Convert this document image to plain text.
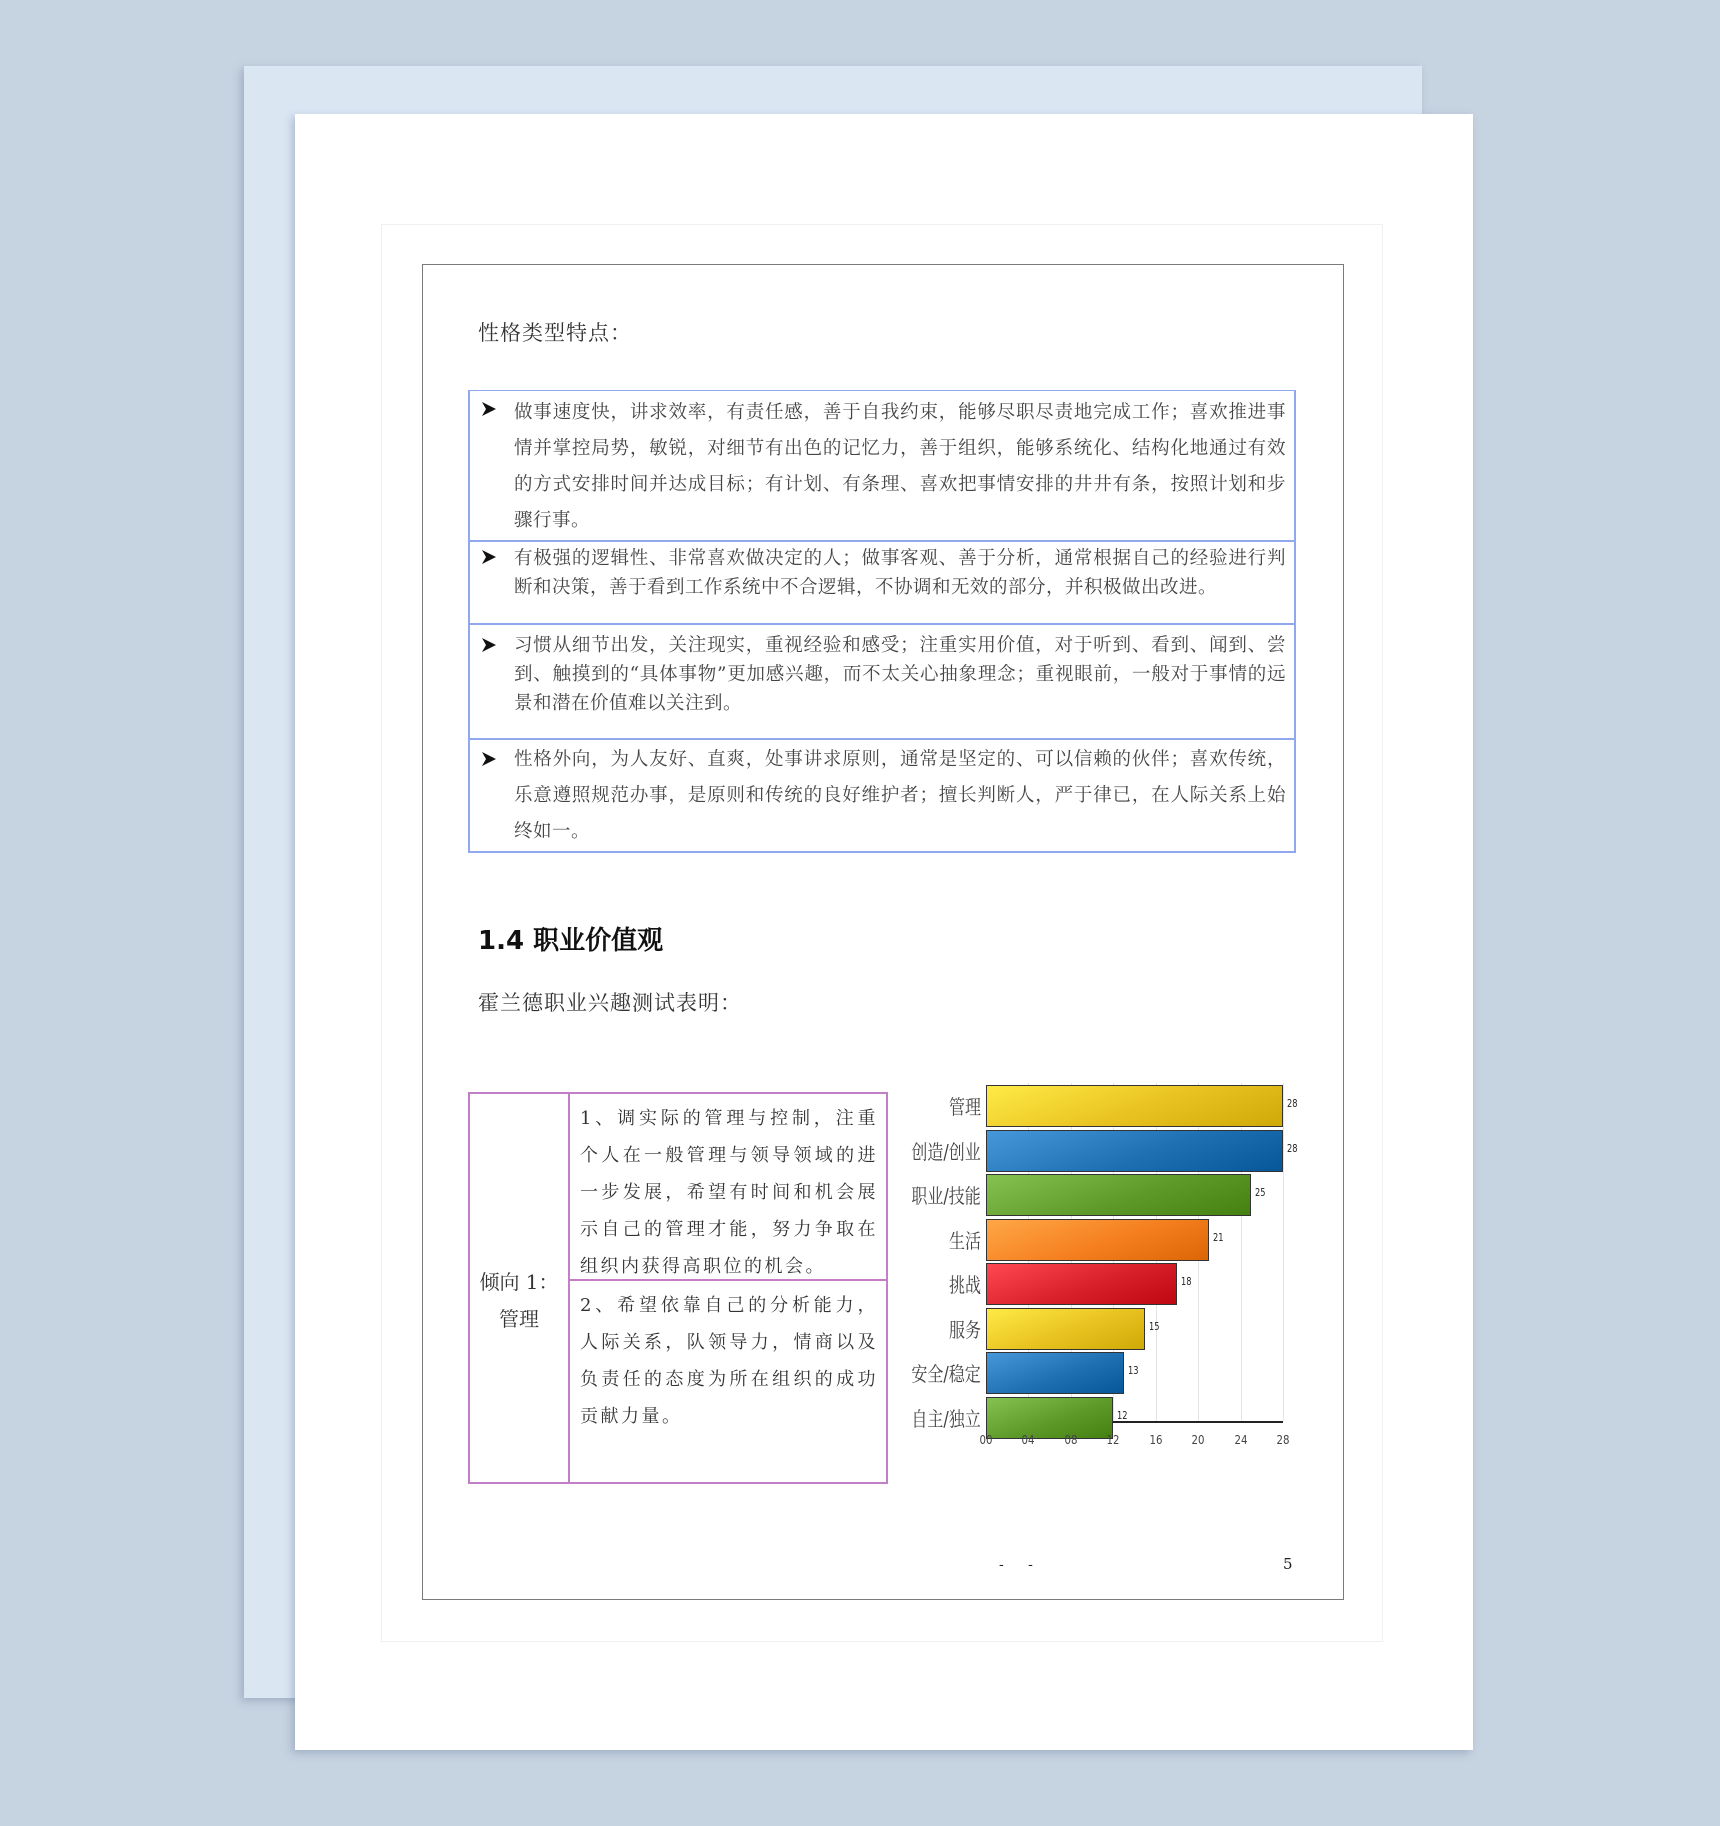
性格类型特点：
做事速度快，讲求效率，有责任感，善于自我约束，能够尽职尽责地完成工作；喜欢推进事情并掌控局势，敏锐，对细节有出色的记忆力，善于组织，能够系统化、结构化地通过有效的方式安排时间并达成目标；有计划、有条理、喜欢把事情安排的井井有条，按照计划和步骤行事。
有极强的逻辑性、非常喜欢做决定的人；做事客观、善于分析，通常根据自己的经验进行判断和决策，善于看到工作系统中不合逻辑，不协调和无效的部分，并积极做出改进。
习惯从细节出发，关注现实，重视经验和感受；注重实用价值，对于听到、看到、闻到、尝到、触摸到的“具体事物”更加感兴趣，而不太关心抽象理念；重视眼前，一般对于事情的远景和潜在价值难以关注到。
性格外向，为人友好、直爽，处事讲求原则，通常是坚定的、可以信赖的伙伴；喜欢传统，乐意遵照规范办事，是原则和传统的良好维护者；擅长判断人，严于律已，在人际关系上始终如一。
1.4 职业价值观
霍兰德职业兴趣测试表明：
倾向 1：
管理
1、调实际的管理与控制，注重个人在一般管理与领导领域的进一步发展，希望有时间和机会展示自己的管理才能，努力争取在组织内获得高职位的机会。
2、希望依靠自己的分析能力，人际关系，队领导力，情商以及负责任的态度为所在组织的成功贡献力量。
28
28
25
21
18
15
13
12
00 04 08 12 16 20 24 28
管理
创造/创业
职业/技能
生活
挑战
服务
安全/稳定
自主/独立
- -	5
